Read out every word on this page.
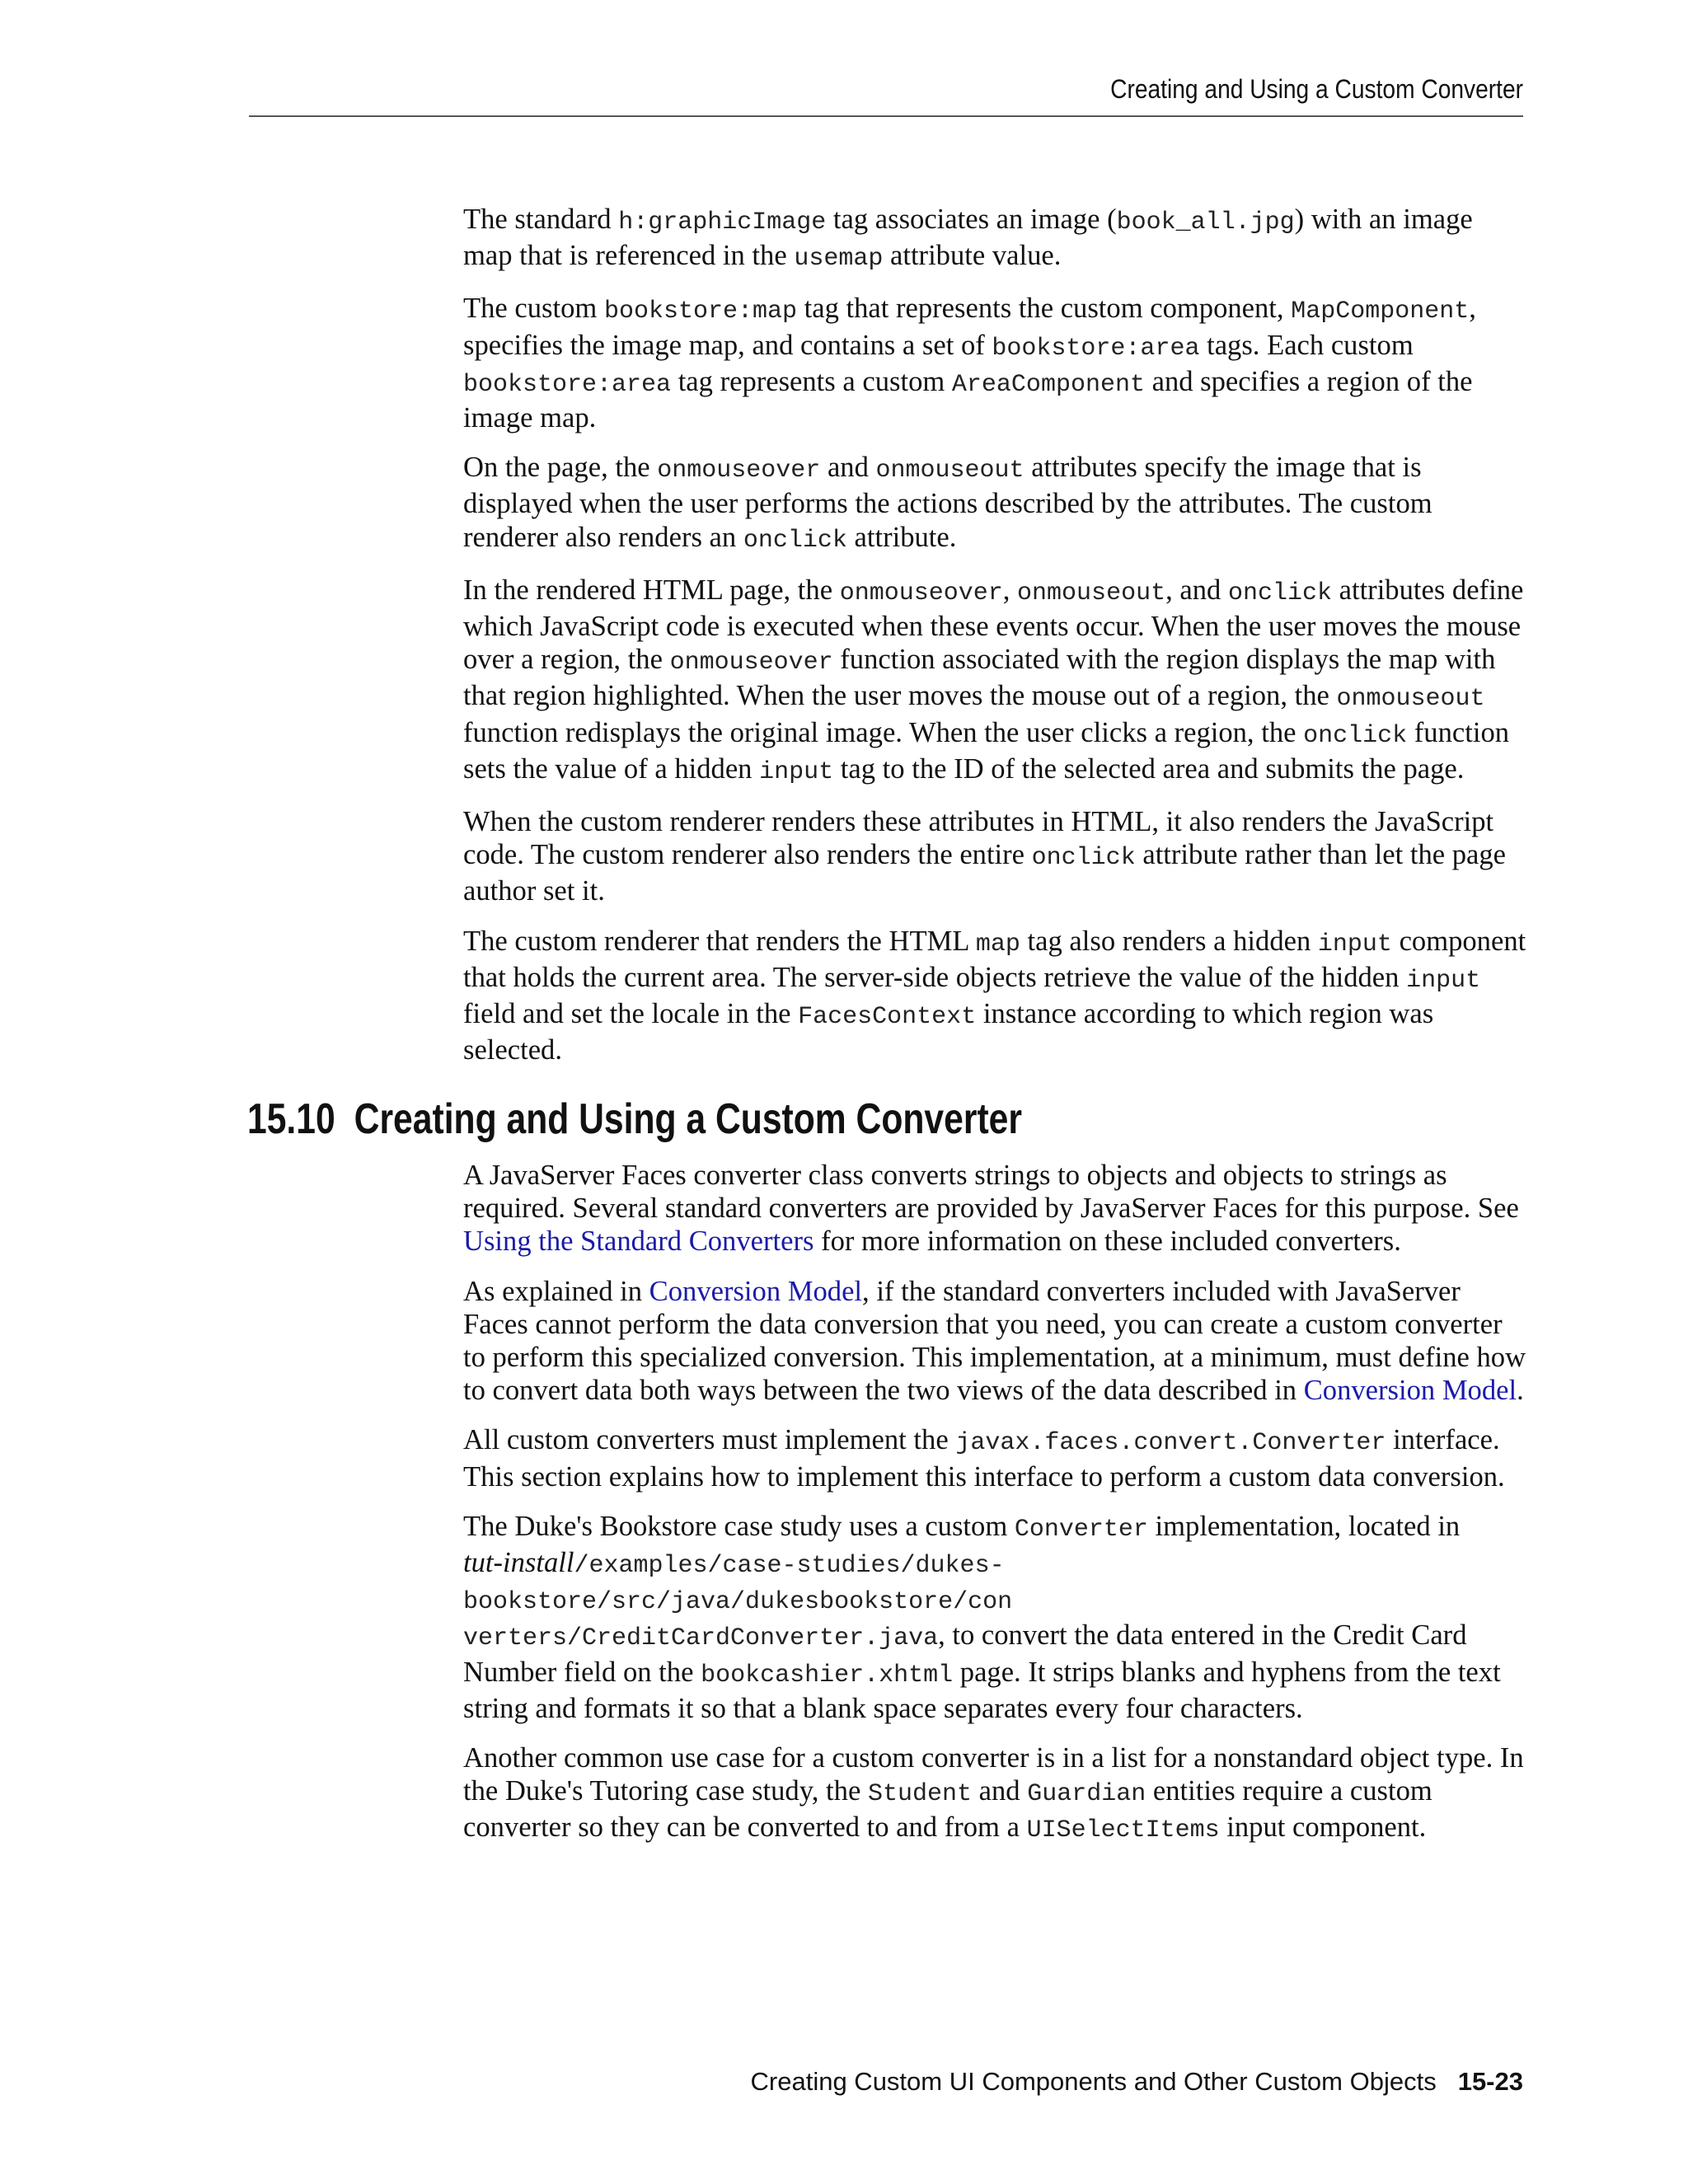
Creating and Using a Custom Converter

The standard h:graphicImage tag associates an image (book_all.jpg) with an image map that is referenced in the usemap attribute value.

The custom bookstore:map tag that represents the custom component, MapComponent, specifies the image map, and contains a set of bookstore:area tags. Each custom bookstore:area tag represents a custom AreaComponent and specifies a region of the image map.

On the page, the onmouseover and onmouseout attributes specify the image that is displayed when the user performs the actions described by the attributes. The custom renderer also renders an onclick attribute.

In the rendered HTML page, the onmouseover, onmouseout, and onclick attributes define which JavaScript code is executed when these events occur. When the user moves the mouse over a region, the onmouseover function associated with the region displays the map with that region highlighted. When the user moves the mouse out of a region, the onmouseout function redisplays the original image. When the user clicks a region, the onclick function sets the value of a hidden input tag to the ID of the selected area and submits the page.

When the custom renderer renders these attributes in HTML, it also renders the JavaScript code. The custom renderer also renders the entire onclick attribute rather than let the page author set it.

The custom renderer that renders the HTML map tag also renders a hidden input component that holds the current area. The server-side objects retrieve the value of the hidden input field and set the locale in the FacesContext instance according to which region was selected.

15.10 Creating and Using a Custom Converter

A JavaServer Faces converter class converts strings to objects and objects to strings as required. Several standard converters are provided by JavaServer Faces for this purpose. See Using the Standard Converters for more information on these included converters.

As explained in Conversion Model, if the standard converters included with JavaServer Faces cannot perform the data conversion that you need, you can create a custom converter to perform this specialized conversion. This implementation, at a minimum, must define how to convert data both ways between the two views of the data described in Conversion Model.

All custom converters must implement the javax.faces.convert.Converter interface. This section explains how to implement this interface to perform a custom data conversion.

The Duke's Bookstore case study uses a custom Converter implementation, located in
tut-install/examples/case-studies/dukes-bookstore/src/java/dukesbookstore/con
verters/CreditCardConverter.java, to convert the data entered in the Credit Card Number field on the bookcashier.xhtml page. It strips blanks and hyphens from the text string and formats it so that a blank space separates every four characters.

Another common use case for a custom converter is in a list for a nonstandard object type. In the Duke's Tutoring case study, the Student and Guardian entities require a custom converter so they can be converted to and from a UISelectItems input component.

Creating Custom UI Components and Other Custom Objects 15-23
